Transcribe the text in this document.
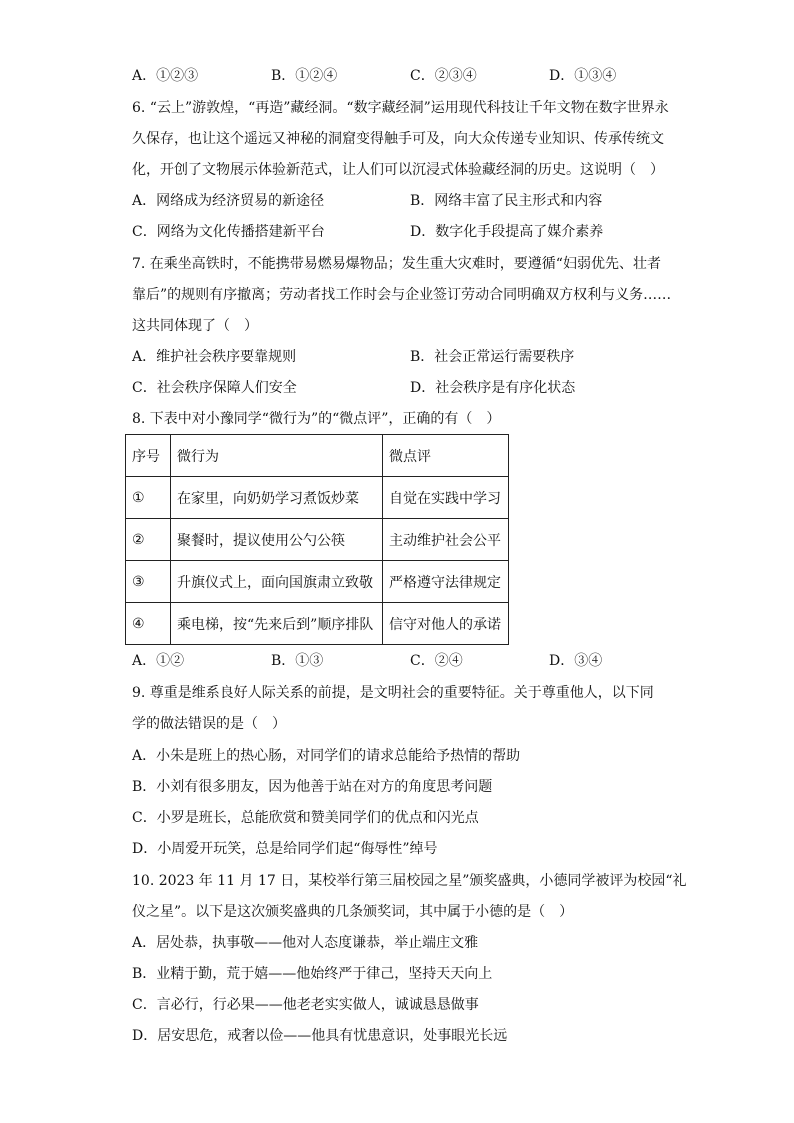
A．①②③	B．①②④	C．②③④	D．①③④
6. “云上”游敦煌，“再造”藏经洞。“数字藏经洞”运用现代科技让千年文物在数字世界永
久保存，也让这个遥远又神秘的洞窟变得触手可及，向大众传递专业知识、传承传统文
化，开创了文物展示体验新范式，让人们可以沉浸式体验藏经洞的历史。这说明（　）
A．网络成为经济贸易的新途径	B．网络丰富了民主形式和内容
C．网络为文化传播搭建新平台	D．数字化手段提高了媒介素养
7. 在乘坐高铁时，不能携带易燃易爆物品；发生重大灾难时，要遵循“妇弱优先、壮者
靠后”的规则有序撤离；劳动者找工作时会与企业签订劳动合同明确双方权利与义务……
这共同体现了（　）
A．维护社会秩序要靠规则	B．社会正常运行需要秩序
C．社会秩序保障人们安全	D．社会秩序是有序化状态
8. 下表中对小豫同学“微行为”的“微点评”，正确的有（　）
序号	微行为	微点评
①	在家里，向奶奶学习煮饭炒菜	自觉在实践中学习
②	聚餐时，提议使用公勺公筷	主动维护社会公平
③	升旗仪式上，面向国旗肃立致敬	严格遵守法律规定
④	乘电梯，按“先来后到”顺序排队	信守对他人的承诺
A．①②	B．①③	C．②④	D．③④
9. 尊重是维系良好人际关系的前提，是文明社会的重要特征。关于尊重他人，以下同
学的做法错误的是（　）
A．小朱是班上的热心肠，对同学们的请求总能给予热情的帮助
B．小刘有很多朋友，因为他善于站在对方的角度思考问题
C．小罗是班长，总能欣赏和赞美同学们的优点和闪光点
D．小周爱开玩笑，总是给同学们起“侮辱性”绰号
10. 2023 年 11 月 17 日，某校举行第三届校园之星”颁奖盛典，小德同学被评为校园“礼
仪之星”。以下是这次颁奖盛典的几条颁奖词，其中属于小德的是（　）
A．居处恭，执事敬——他对人态度谦恭，举止端庄文雅
B．业精于勤，荒于嬉——他始终严于律己，坚持天天向上
C．言必行，行必果——他老老实实做人，诚诚恳恳做事
D．居安思危，戒奢以俭——他具有忧患意识，处事眼光长远
